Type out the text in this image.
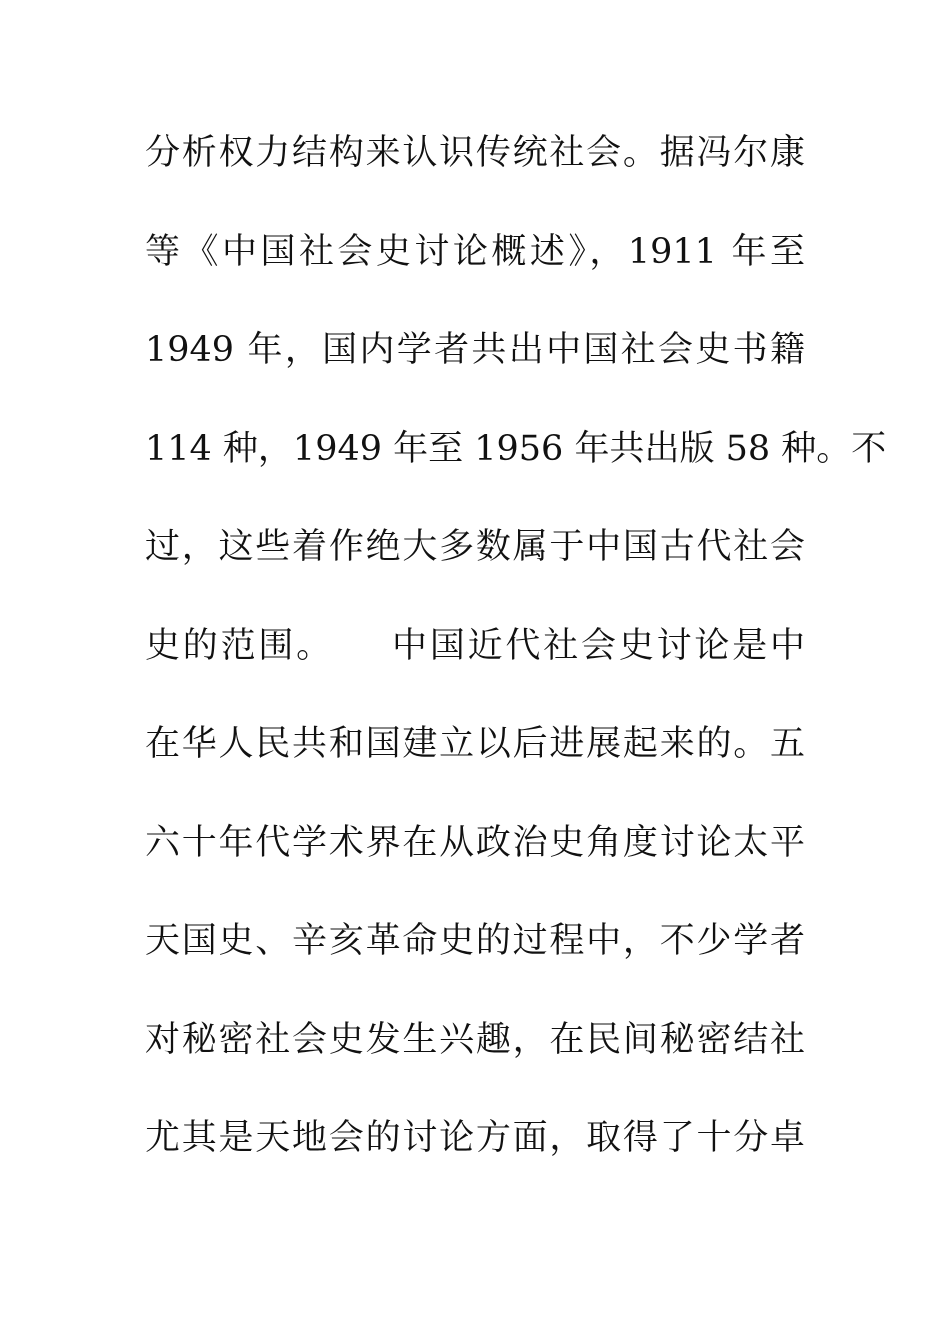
分析权力结构来认识传统社会。据冯尔康
等《中国社会史讨论概述》，1911 年至
1949 年，国内学者共出中国社会史书籍
114 种，1949 年至 1956 年共出版 58 种。不
过，这些着作绝大多数属于中国古代社会
史的范围。　　中国近代社会史讨论是中
在华人民共和国建立以后进展起来的。五
六十年代学术界在从政治史角度讨论太平
天国史、辛亥革命史的过程中，不少学者
对秘密社会史发生兴趣，在民间秘密结社
尤其是天地会的讨论方面，取得了十分卓
